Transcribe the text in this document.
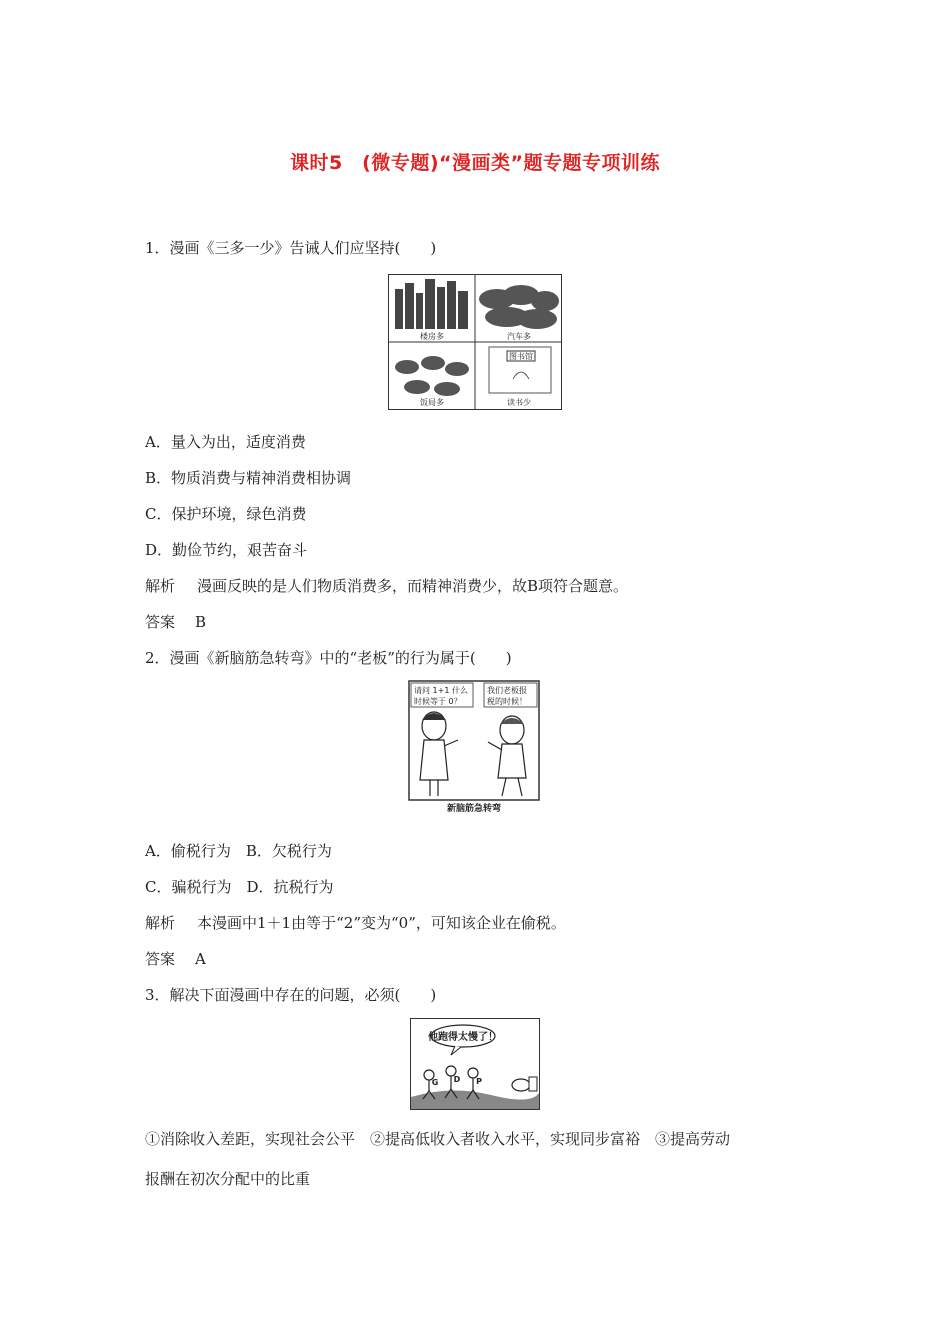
课时5　(微专题)“漫画类”题专题专项训练
1．漫画《三多一少》告诫人们应坚持(　　)
图书馆
楼房多	汽车多
饭局多	读书少
A．量入为出，适度消费
B．物质消费与精神消费相协调
C．保护环境，绿色消费
D．勤俭节约，艰苦奋斗
解析 漫画反映的是人们物质消费多，而精神消费少，故B项符合题意。
答案 B
2．漫画《新脑筋急转弯》中的“老板”的行为属于(　　)
请问 1+1 什么
时候等于 0？
我们老板报
税的时候！
新脑筋急转弯
A．偷税行为　B．欠税行为
C．骗税行为　D．抗税行为
解析 本漫画中1＋1由等于“2”变为“0”，可知该企业在偷税。
答案 A
3．解决下面漫画中存在的问题，必须(　　)
他跑得太慢了！
G D P
①消除收入差距，实现社会公平　②提高低收入者收入水平，实现同步富裕　③提高劳动
报酬在初次分配中的比重
